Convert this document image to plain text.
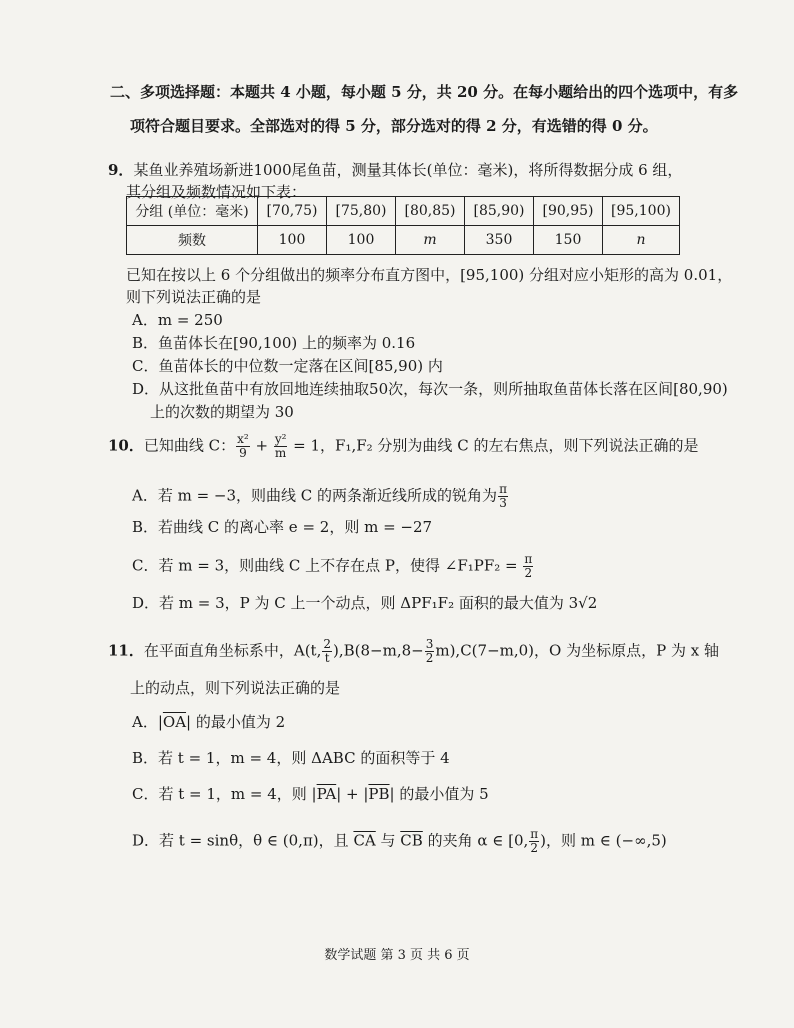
二、多项选择题：本题共 4 小题，每小题 5 分，共 20 分。在每小题给出的四个选项中，有多
项符合题目要求。全部选对的得 5 分，部分选对的得 2 分，有选错的得 0 分。
9．某鱼业养殖场新进1000尾鱼苗，测量其体长(单位：毫米)，将所得数据分成 6 组，
其分组及频数情况如下表：
分组 (单位：毫米)	[70,75)	[75,80)	[80,85)	[85,90)	[90,95)	[95,100)
频数	100	100	m	350	150	n
已知在按以上 6 个分组做出的频率分布直方图中，[95,100) 分组对应小矩形的高为 0.01，
则下列说法正确的是
A．m = 250
B．鱼苗体长在[90,100) 上的频率为 0.16
C．鱼苗体长的中位数一定落在区间[85,90) 内
D．从这批鱼苗中有放回地连续抽取50次，每次一条，则所抽取鱼苗体长落在区间[80,90)
上的次数的期望为 30
10．已知曲线 C： $\frac{\text{x²}}{9} + \frac{\text{y²}}{m} = 1$，F₁,F₂ 分别为曲线 C 的左右焦点，则下列说法正确的是
A．若 m = −3，则曲线 C 的两条渐近线所成的锐角为 $\frac{\pi}{3}$
B．若曲线 C 的离心率 e = 2，则 m = −27
C．若 m = 3，则曲线 C 上不存在点 P，使得 ∠F₁PF₂ = $\frac{\pi}{2}$
D．若 m = 3，P 为 C 上一个动点，则 ΔPF₁F₂ 面积的最大值为 3√2
11．在平面直角坐标系中，A(t, $\frac{2}{t} ),B(8-m,8- \frac{3}{2} m),C(7-m,0)$，O 为坐标原点，P 为 x 轴
上的动点，则下列说法正确的是
A．$|\overline{OA}|$ 的最小值为 2
B．若 t = 1，m = 4，则 ΔABC 的面积等于 4
C．若 t = 1，m = 4，则 $|\overline{PA}| + |\overline{PB}|$ 的最小值为 5
D．若 t = sinθ，θ ∈ (0,π)，且 $\overline{CA}$ 与 $\overline{CB}$ 的夹角 α ∈ [0, $\frac{\pi}{2}$ )，则 m ∈ (−∞,5)
数学试题 第 3 页 共 6 页
